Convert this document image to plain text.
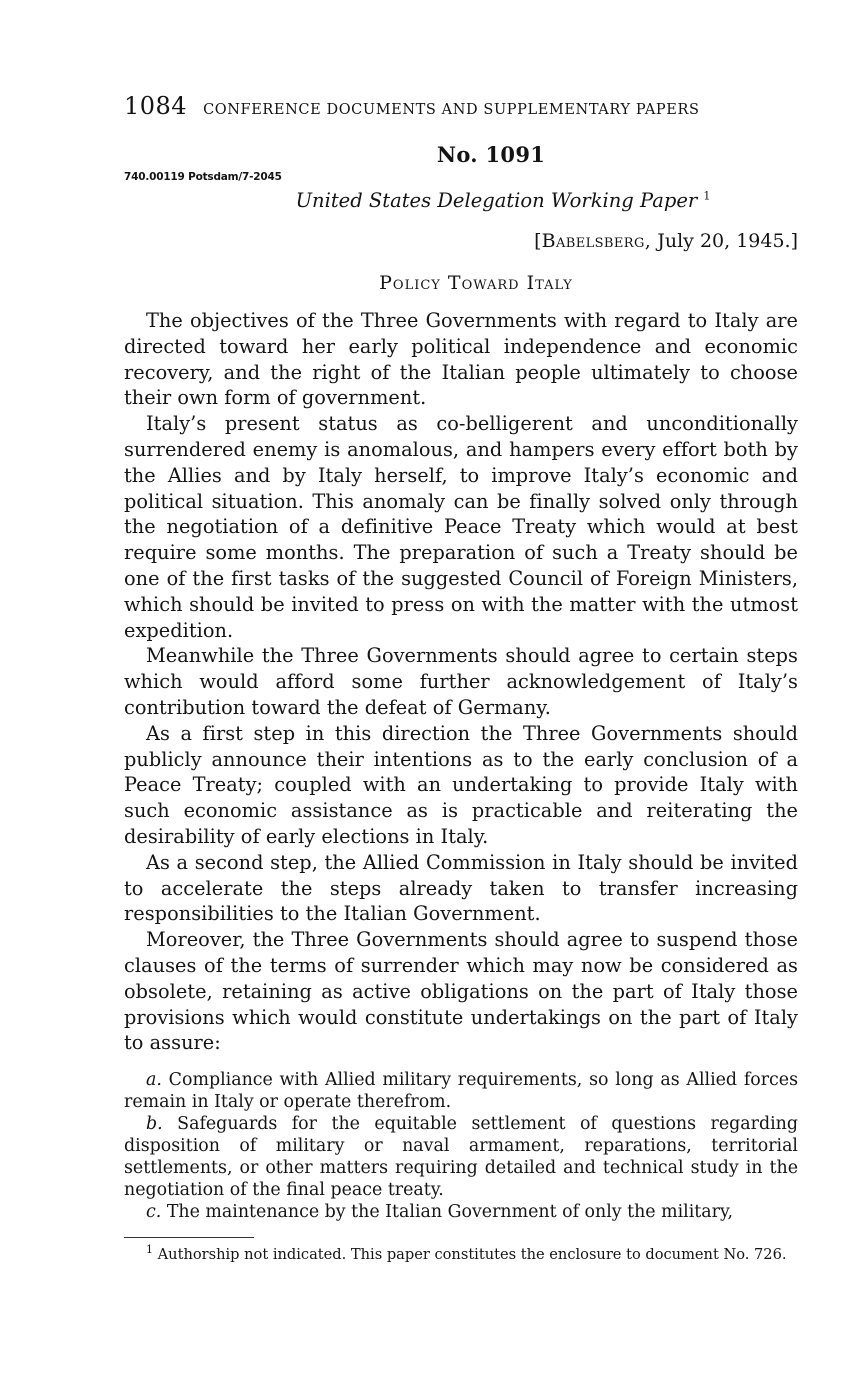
1084 CONFERENCE DOCUMENTS AND SUPPLEMENTARY PAPERS
No. 1091
740.00119 Potsdam/7-2045
United States Delegation Working Paper $^1$
[Babelsberg, July 20, 1945.]
Policy Toward Italy

The objectives of the Three Governments with regard to Italy are directed toward her early political independence and economic recovery, and the right of the Italian people ultimately to choose their own form of government.

Italy’s present status as co-belligerent and unconditionally surrendered enemy is anomalous, and hampers every effort both by the Allies and by Italy herself, to improve Italy’s economic and political situation. This anomaly can be finally solved only through the negotiation of a definitive Peace Treaty which would at best require some months. The preparation of such a Treaty should be one of the first tasks of the suggested Council of Foreign Ministers, which should be invited to press on with the matter with the utmost expedition.

Meanwhile the Three Governments should agree to certain steps which would afford some further acknowledgement of Italy’s contribution toward the defeat of Germany.

As a first step in this direction the Three Governments should publicly announce their intentions as to the early conclusion of a Peace Treaty; coupled with an undertaking to provide Italy with such economic assistance as is practicable and reiterating the desirability of early elections in Italy.

As a second step, the Allied Commission in Italy should be invited to accelerate the steps already taken to transfer increasing responsibilities to the Italian Government.

Moreover, the Three Governments should agree to suspend those clauses of the terms of surrender which may now be considered as obsolete, retaining as active obligations on the part of Italy those provisions which would constitute undertakings on the part of Italy to assure:

a. Compliance with Allied military requirements, so long as Allied forces remain in Italy or operate therefrom.

b. Safeguards for the equitable settlement of questions regarding disposition of military or naval armament, reparations, territorial settlements, or other matters requiring detailed and technical study in the negotiation of the final peace treaty.

c. The maintenance by the Italian Government of only the military,

$^1$ Authorship not indicated. This paper constitutes the enclosure to document No. 726.
